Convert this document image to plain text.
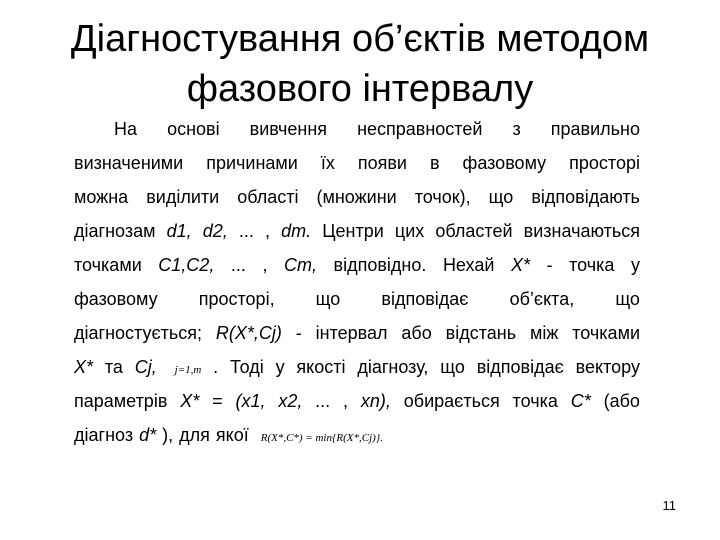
Діагностування об’єктів методом
фазового інтервалу
На основі вивчення несправностей з правильно
визначеними причинами їх появи в фазовому просторі
можна виділити області (множини точок), що відповідають
діагнозам d1, d2, ... , dm. Центри цих областей визначаються
точками C1,C2, ... , Cm, відповідно. Нехай X* - точка у
фазовому просторі, що відповідає об’єкта, що
діагностується; R(X*,Cj) - інтервал або відстань між точками
X* та Cj, j=1,m . Тоді у якості діагнозу, що відповідає вектору
параметрів X* = (x1, x2, ... , xn), обирається точка C* (або
діагноз d* ), для якої R(X*,C*) = min{R(X*,Cj)}.
11
